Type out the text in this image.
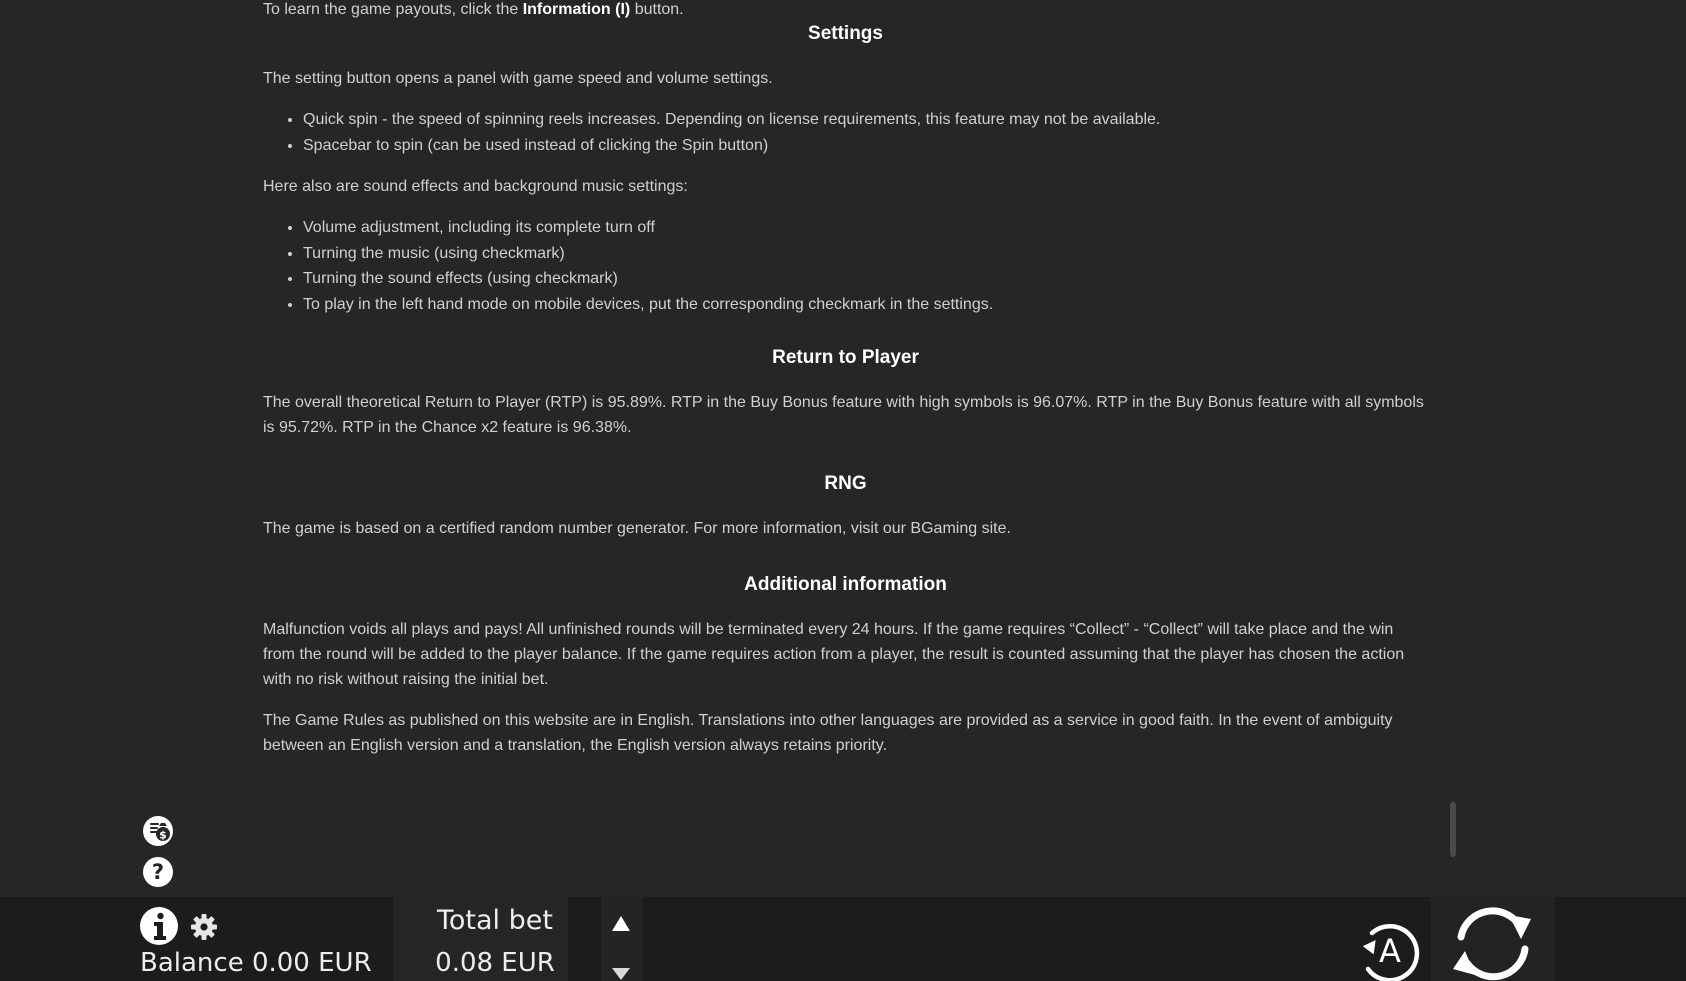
To learn the game payouts, click the Information (I) button.

Settings

The setting button opens a panel with game speed and volume settings.

• Quick spin - the speed of spinning reels increases. Depending on license requirements, this feature may not be available.
• Spacebar to spin (can be used instead of clicking the Spin button)

Here also are sound effects and background music settings:

• Volume adjustment, including its complete turn off
• Turning the music (using checkmark)
• Turning the sound effects (using checkmark)
• To play in the left hand mode on mobile devices, put the corresponding checkmark in the settings.
Return to Player

The overall theoretical Return to Player (RTP) is 95.89%. RTP in the Buy Bonus feature with high symbols is 96.07%. RTP in the Buy Bonus feature with all symbols is 95.72%. RTP in the Chance x2 feature is 96.38%.

RNG

The game is based on a certified random number generator. For more information, visit our BGaming site.

Additional information

Malfunction voids all plays and pays! All unfinished rounds will be terminated every 24 hours. If the game requires “Collect” - “Collect” will take place and the win from the round will be added to the player balance. If the game requires action from a player, the result is counted assuming that the player has chosen the action with no risk without raising the initial bet.

The Game Rules as published on this website are in English. Translations into other languages are provided as a service in good faith. In the event of ambiguity between an English version and a translation, the English version always retains priority.

$
?
Balance 0.00 EUR
Total bet
0.08 EUR	A
